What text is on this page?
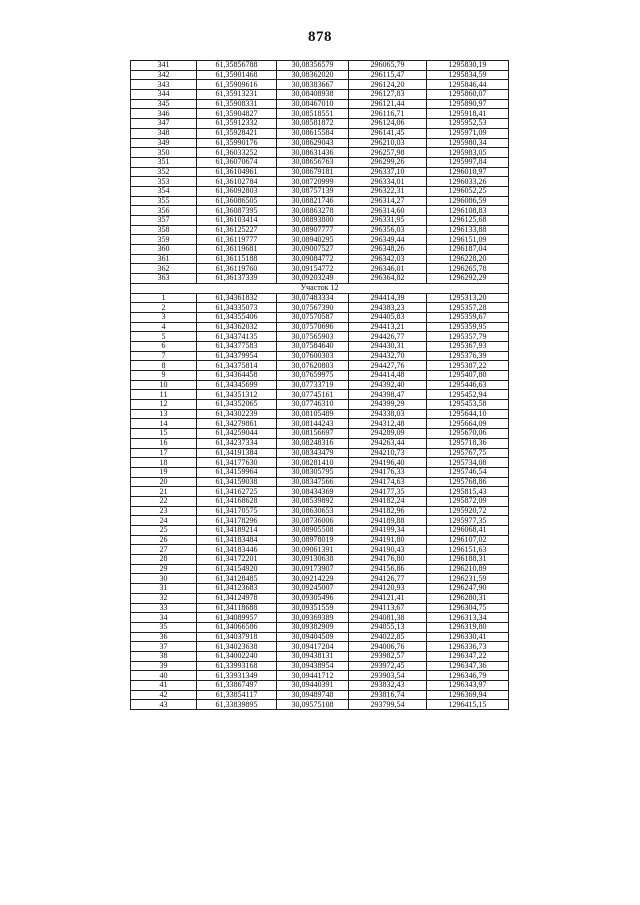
878
341	61,35856788	30,08356579	296065,79	1295830,19
342	61,35901468	30,08362020	296115,47	1295834,59
343	61,35909616	30,08383667	296124,20	1295846,44
344	61,35913231	30,08408938	296127,83	1295860,07
345	61,35908331	30,08467010	296121,44	1295890,97
346	61,35904827	30,08518551	296116,71	1295918,41
347	61,35912332	30,08581872	296124,06	1295952,53
348	61,35928421	30,08615584	296141,45	1295971,09
349	61,35990176	30,08629043	296210,03	1295980,34
350	61,36033252	30,08631436	296257,98	1295983,05
351	61,36070674	30,08656763	296299,26	1295997,84
352	61,36104961	30,08679181	296337,10	1296010,97
353	61,36102784	30,08720999	296334,01	1296033,26
354	61,36092803	30,08757139	296322,31	1296052,25
355	61,36086505	30,08821746	296314,27	1296086,59
356	61,36087395	30,08863278	296314,60	1296108,83
357	61,36103414	30,08893800	296331,95	1296125,68
358	61,36125227	30,08907777	296356,03	1296133,88
359	61,36119777	30,08940295	296349,44	1296151,09
360	61,36119681	30,09007527	296348,26	1296187,04
361	61,36115188	30,09084772	296342,03	1296228,20
362	61,36119760	30,09154772	296346,01	1296265,78
363	61,36137339	30,09203249	296364,82	1296292,29
Участок 12				
1	61,34361832	30,07483334	294414,39	1295313,20
2	61,34335073	30,07567390	294383,23	1295357,28
3	61,34355406	30,07570587	294405,83	1295359,67
4	61,34362032	30,07570696	294413,21	1295359,95
5	61,34374135	30,07565903	294426,77	1295357,79
6	61,34377583	30,07584640	294430,31	1295367,93
7	61,34379954	30,07600303	294432,70	1295376,39
8	61,34375814	30,07620803	294427,76	1295387,22
9	61,34364458	30,07659975	294414,48	1295407,80
10	61,34345699	30,07733719	294392,40	1295446,63
11	61,34351312	30,07745161	294398,47	1295452,94
12	61,34352065	30,07746310	294399,29	1295453,58
13	61,34302239	30,08105489	294338,03	1295644,10
14	61,34279861	30,08144243	294312,48	1295664,09
15	61,34259044	30,08156697	294289,09	1295670,06
16	61,34237334	30,08248316	294263,44	1295718,36
17	61,34191384	30,08343479	294210,73	1295767,75
18	61,34177630	30,08281410	294196,40	1295734,08
19	61,34159964	30,08305795	294176,33	1295746,54
20	61,34159038	30,08347566	294174,63	1295768,86
21	61,34162725	30,08434369	294177,35	1295815,43
22	61,34168628	30,08539892	294182,24	1295872,09
23	61,34170575	30,08630653	294182,96	1295920,72
24	61,34178296	30,08736006	294189,88	1295977,35
25	61,34189214	30,08905508	294199,34	1296068,41
26	61,34183484	30,08978019	294191,80	1296107,02
27	61,34183446	30,09061391	294190,43	1296151,63
28	61,34172201	30,09130638	294176,80	1296188,31
29	61,34154920	30,09173907	294156,86	1296210,89
30	61,34128485	30,09214229	294126,77	1296231,59
31	61,34123683	30,09245007	294120,93	1296247,90
32	61,34124978	30,09305496	294121,41	1296280,31
33	61,34118688	30,09351559	294113,67	1296304,75
34	61,34089957	30,09369389	294081,38	1296313,34
35	61,34066586	30,09382909	294055,13	1296319,80
36	61,34037918	30,09404509	294022,85	1296330,41
37	61,34023638	30,09417204	294006,76	1296336,73
38	61,34002240	30,09438131	293982,57	1296347,22
39	61,33993168	30,09438954	293972,45	1296347,36
40	61,33931349	30,09441712	293903,54	1296346,79
41	61,33867497	30,09440391	293832,43	1296343,97
42	61,33854117	30,09489748	293816,74	1296369,94
43	61,33839895	30,09575108	293799,54	1296415,15
